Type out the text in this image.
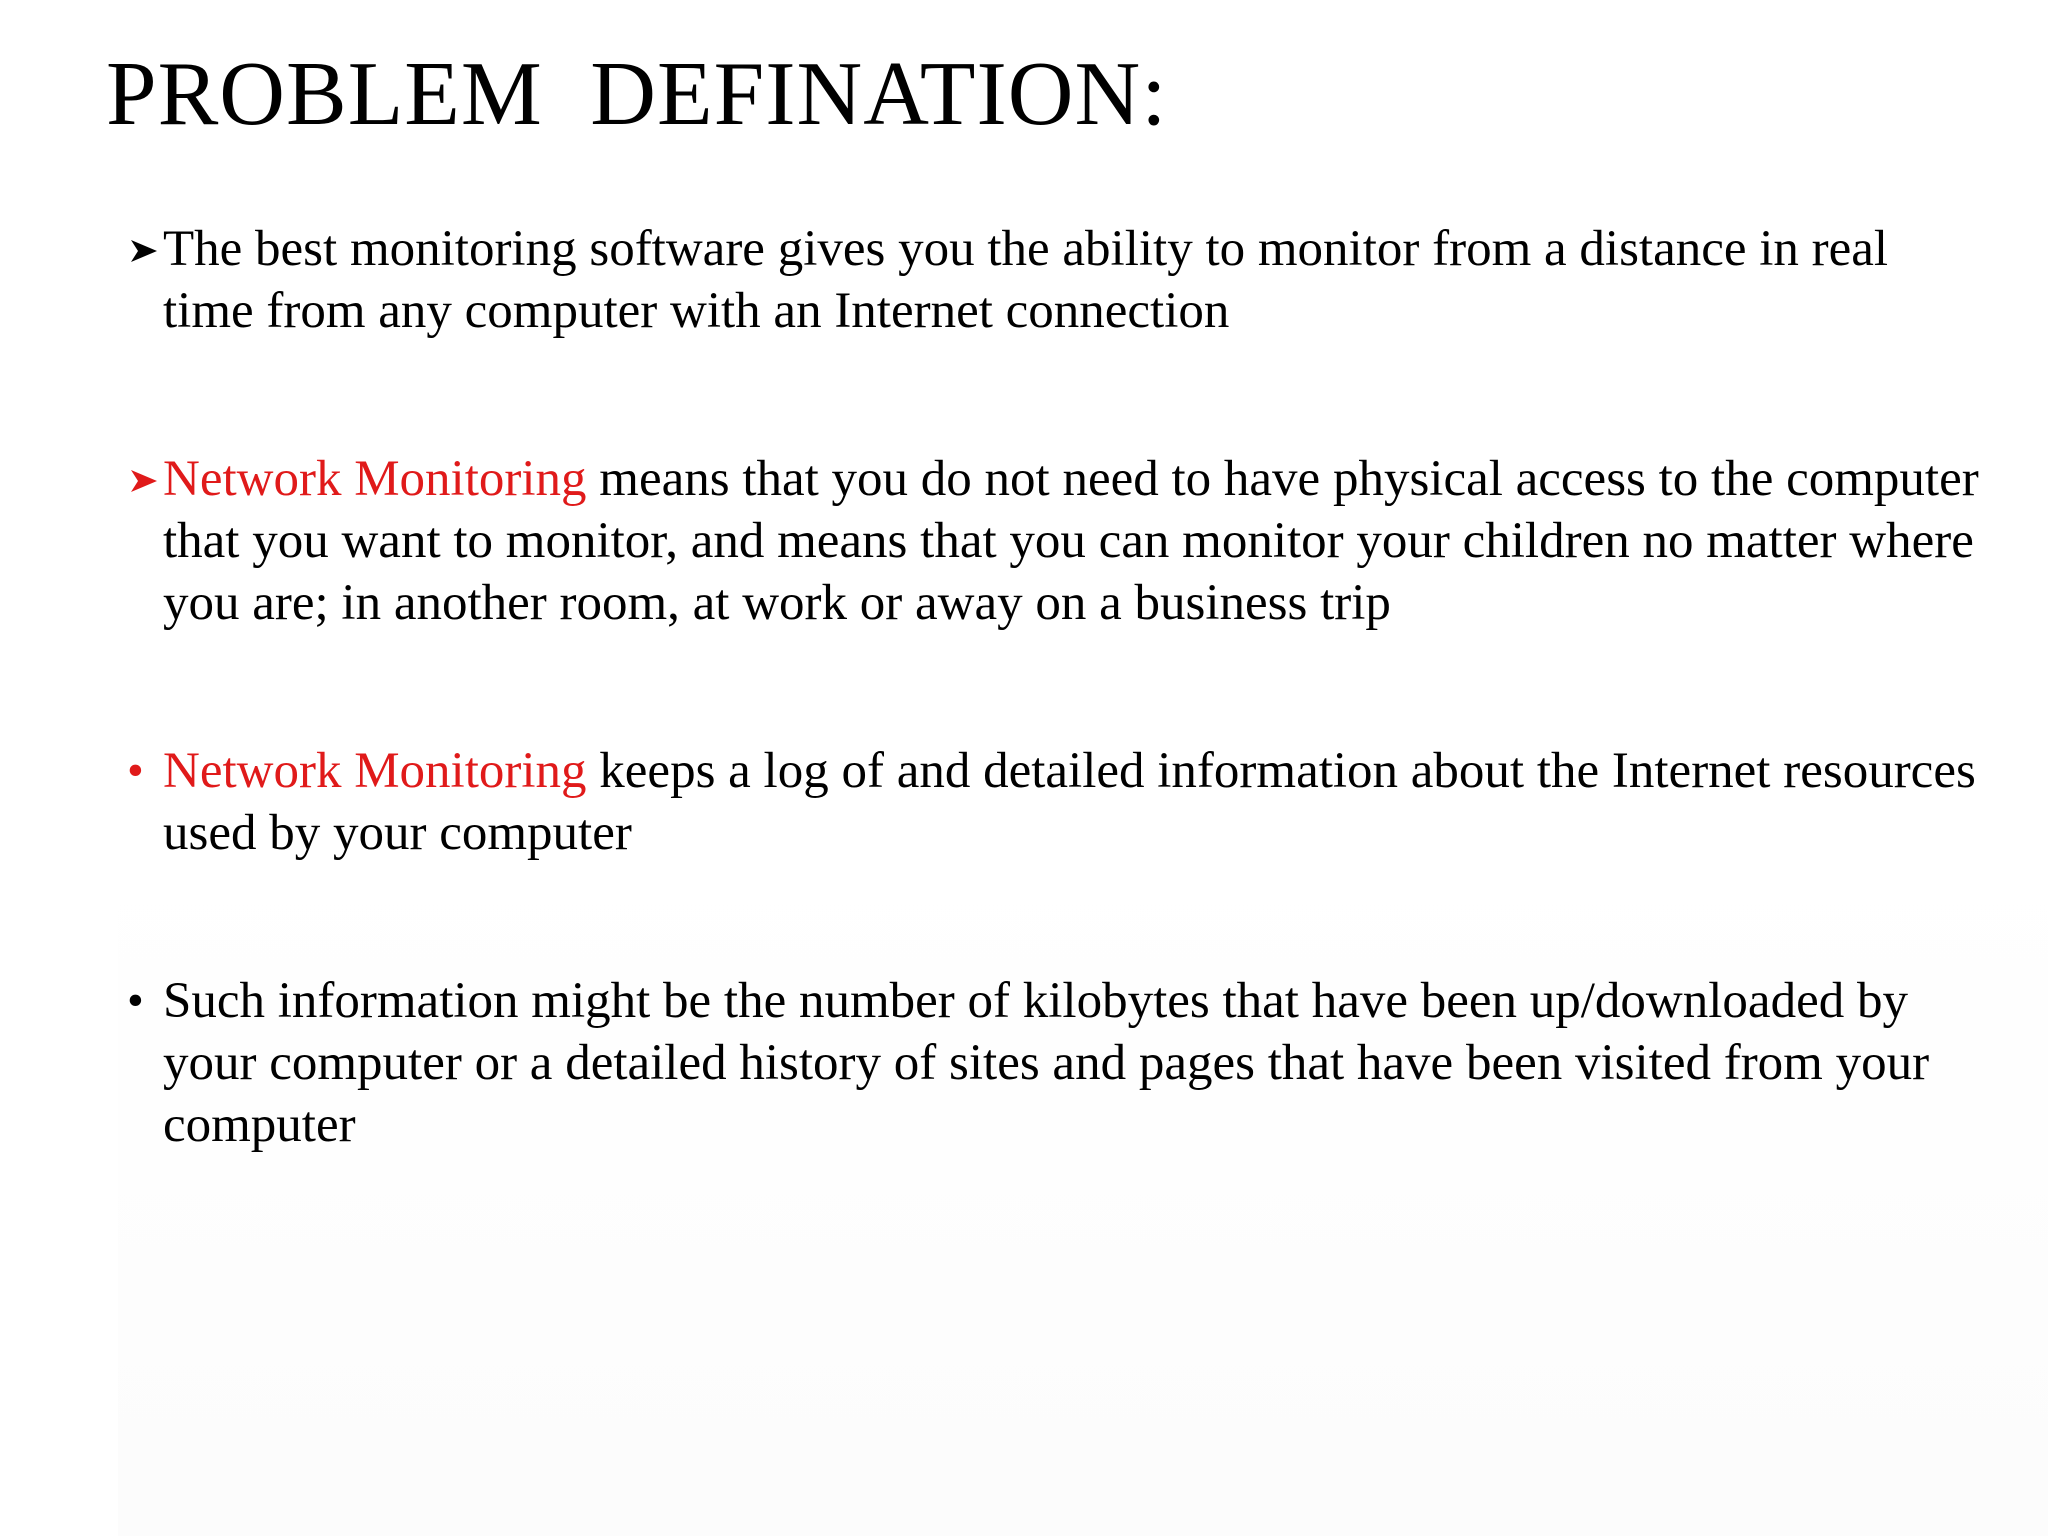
PROBLEM  DEFINATION:
The best monitoring software gives you the ability to monitor from a distance in real time from any computer with an Internet connection
Network Monitoring means that you do not need to have physical access to the computer that you want to monitor, and means that you can monitor your children no matter where you are; in another room, at work or away on a business trip
• Network Monitoring keeps a log of and detailed information about the Internet resources used by your computer
• Such information might be the number of kilobytes that have been up/downloaded by your computer or a detailed history of sites and pages that have been visited from your computer
